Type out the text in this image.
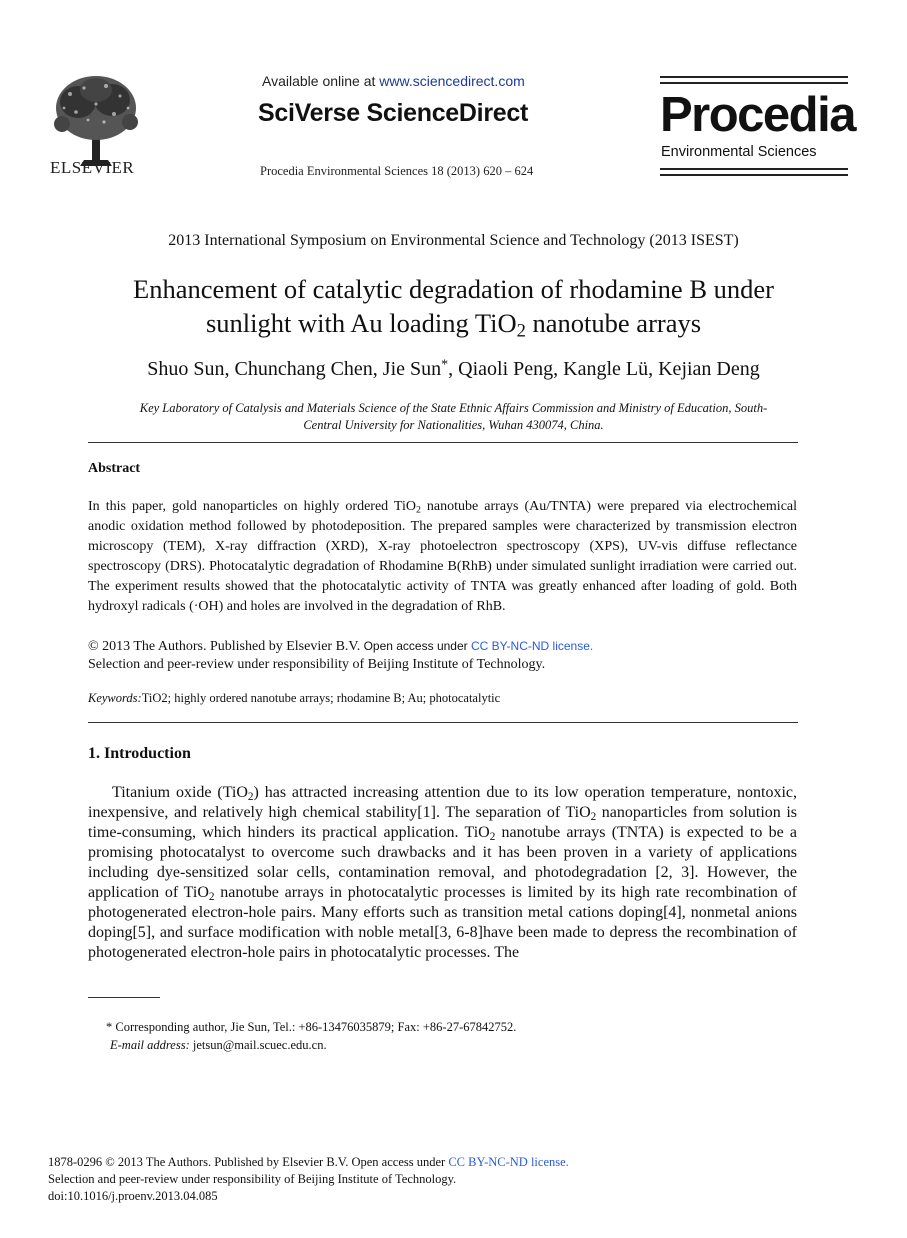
ELSEVIER
Available online at www.sciencedirect.com
SciVerse ScienceDirect
Procedia Environmental Sciences 18 (2013) 620 – 624
Procedia
Environmental Sciences
2013 International Symposium on Environmental Science and Technology (2013 ISEST)
Enhancement of catalytic degradation of rhodamine B under
sunlight with Au loading TiO$_2$ nanotube arrays
Shuo Sun, Chunchang Chen, Jie Sun*, Qiaoli Peng, Kangle Lü, Kejian Deng
Key Laboratory of Catalysis and Materials Science of the State Ethnic Affairs Commission and Ministry of Education, South-
Central University for Nationalities, Wuhan 430074, China.
Abstract
In this paper, gold nanoparticles on highly ordered TiO$_2$ nanotube arrays (Au/TNTA) were prepared via electrochemical anodic oxidation method followed by photodeposition. The prepared samples were characterized by transmission electron microscopy (TEM), X-ray diffraction (XRD), X-ray photoelectron spectroscopy (XPS), UV-vis diffuse reflectance spectroscopy (DRS). Photocatalytic degradation of Rhodamine B(RhB) under simulated sunlight irradiation were carried out. The experiment results showed that the photocatalytic activity of TNTA was greatly enhanced after loading of gold. Both hydroxyl radicals (·OH) and holes are involved in the degradation of RhB.
© 2013 The Authors. Published by Elsevier B.V. Open access under CC BY-NC-ND license.
Selection and peer-review under responsibility of Beijing Institute of Technology.
Keywords:TiO2; highly ordered nanotube arrays; rhodamine B; Au; photocatalytic
1. Introduction
Titanium oxide (TiO$_2$) has attracted increasing attention due to its low operation temperature, nontoxic, inexpensive, and relatively high chemical stability[1]. The separation of TiO$_2$ nanoparticles from solution is time-consuming, which hinders its practical application. TiO$_2$ nanotube arrays (TNTA) is expected to be a promising photocatalyst to overcome such drawbacks and it has been proven in a variety of applications including dye-sensitized solar cells, contamination removal, and photodegradation [2, 3]. However, the application of TiO$_2$ nanotube arrays in photocatalytic processes is limited by its high rate recombination of photogenerated electron-hole pairs. Many efforts such as transition metal cations doping[4], nonmetal anions doping[5], and surface modification with noble metal[3, 6-8]have been made to depress the recombination of photogenerated electron-hole pairs in photocatalytic processes. The
* Corresponding author, Jie Sun, Tel.: +86-13476035879; Fax: +86-27-67842752.
E-mail address: jetsun@mail.scuec.edu.cn.
1878-0296 © 2013 The Authors. Published by Elsevier B.V. Open access under CC BY-NC-ND license.
Selection and peer-review under responsibility of Beijing Institute of Technology.
doi:10.1016/j.proenv.2013.04.085
